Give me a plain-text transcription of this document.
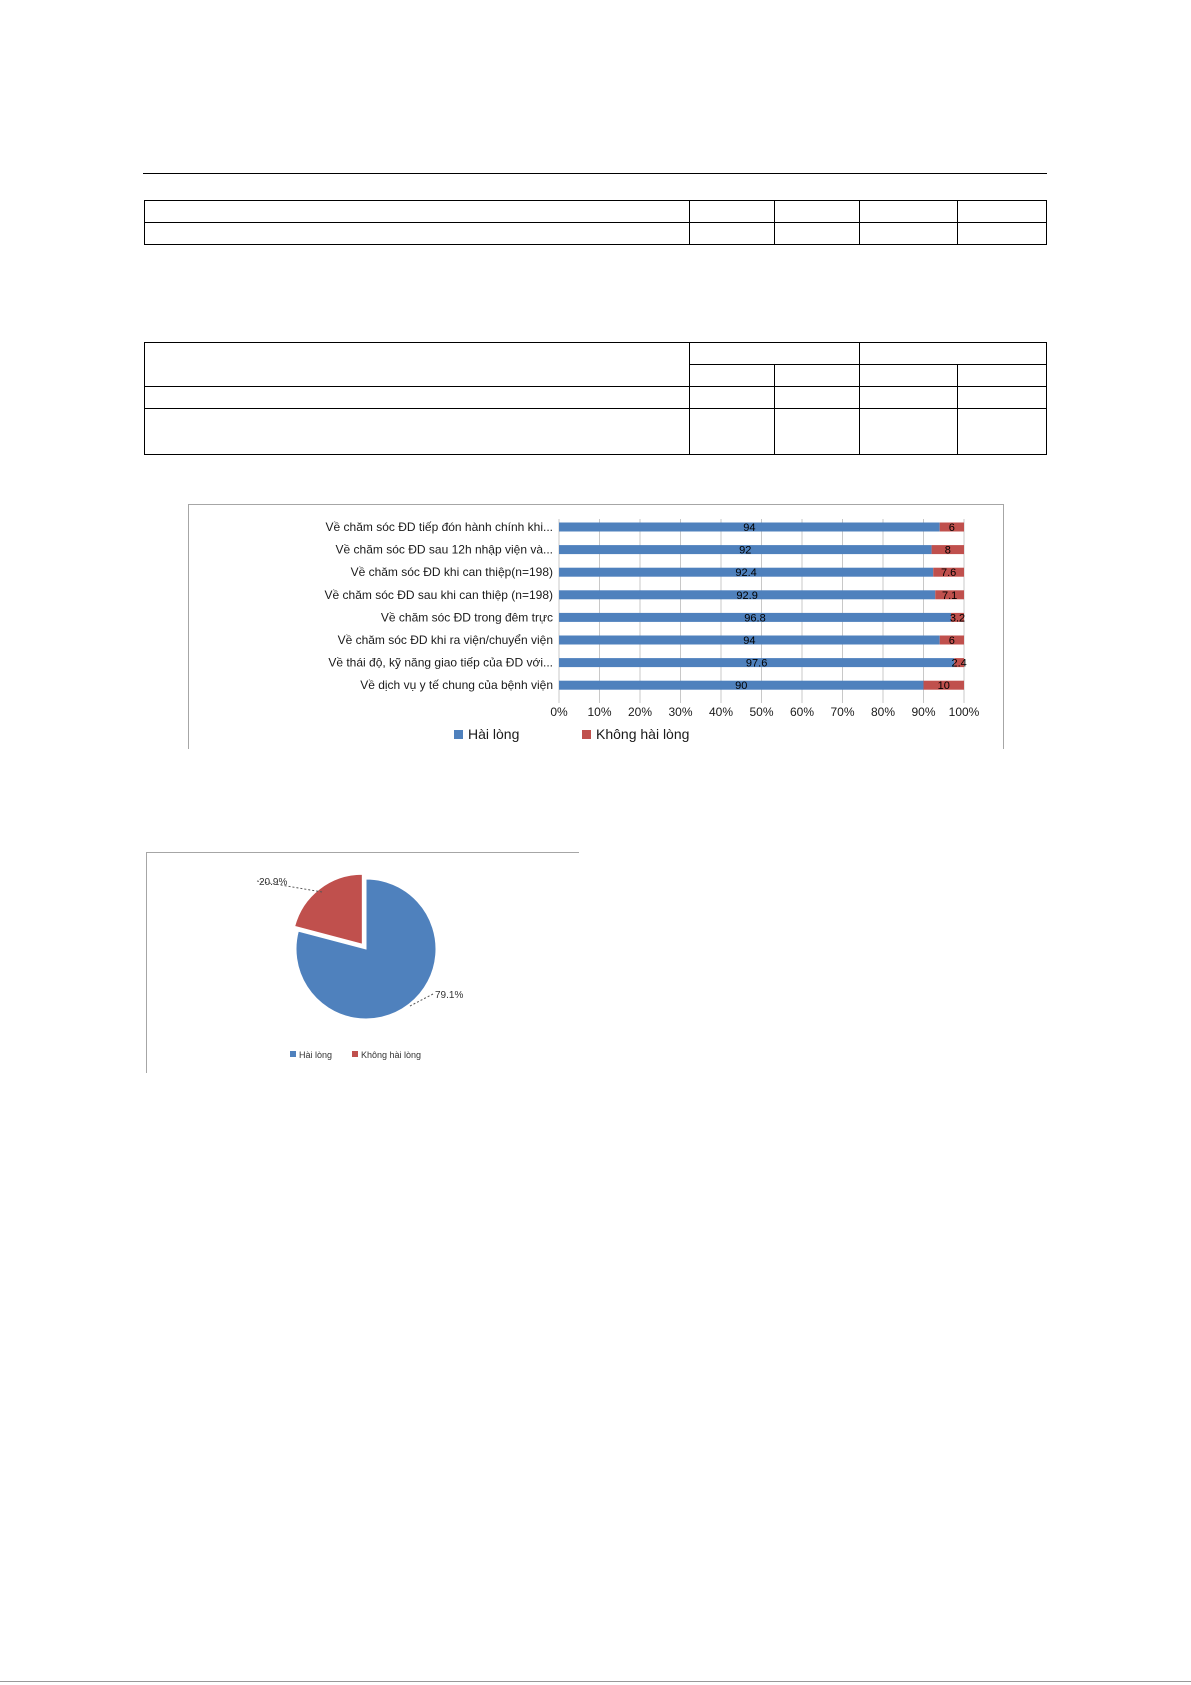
Về chăm sóc ĐD tiếp đón hành chính khi...	94	6
Về chăm sóc ĐD sau 12h nhập viện và...	92	8
Về chăm sóc ĐD khi can thiệp(n=198)	92.4	7.6
Về chăm sóc ĐD sau khi can thiệp (n=198)	92.9	7.1
Về chăm sóc ĐD trong đêm trực	96.8	3.2
Về chăm sóc ĐD khi ra viện/chuyển viện	94	6
Về thái độ, kỹ năng giao tiếp của ĐD với...	97.6	2.4
Về dịch vụ y tế chung của bệnh viện	90	10
0% 10% 20% 30% 40% 50% 60% 70% 80% 90% 100%
Hài lòng	Không hài lòng
79.1%
20.9%
Hài lòng	Không hài lòng
